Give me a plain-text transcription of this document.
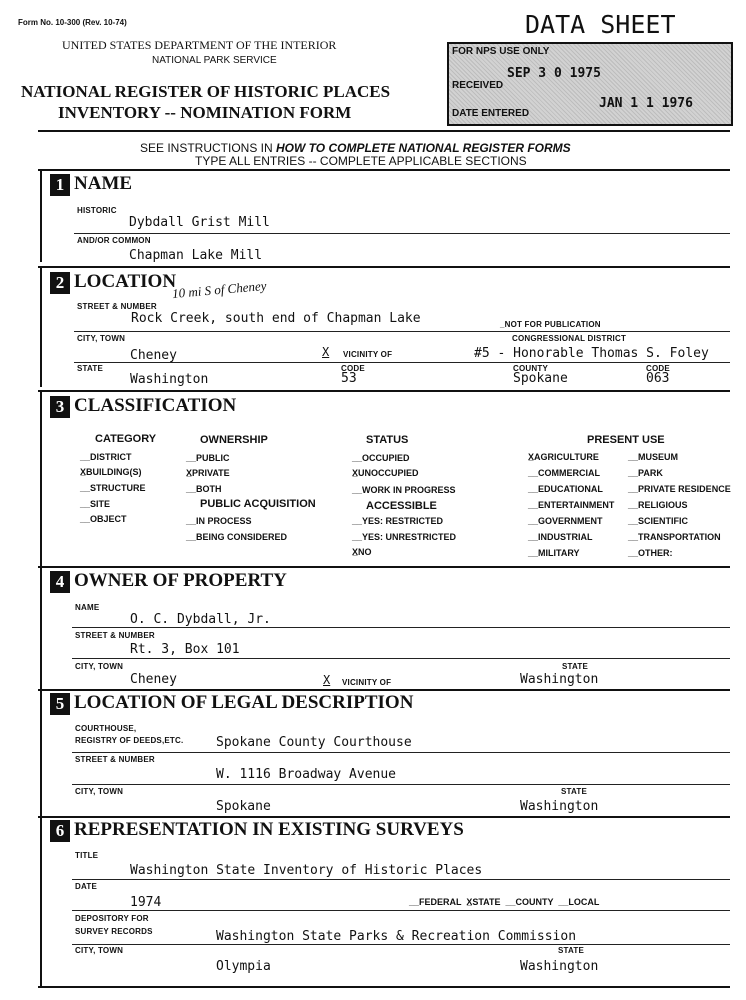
Form No. 10-300 (Rev. 10-74)
UNITED STATES DEPARTMENT OF THE INTERIOR
NATIONAL PARK SERVICE
NATIONAL REGISTER OF HISTORIC PLACES
INVENTORY -- NOMINATION FORM
DATA SHEET
FOR NPS USE ONLY
RECEIVED
SEP 3 0 1975
DATE ENTERED
JAN 1 1 1976
SEE INSTRUCTIONS IN HOW TO COMPLETE NATIONAL REGISTER FORMS
TYPE ALL ENTRIES -- COMPLETE APPLICABLE SECTIONS
1 NAME
HISTORIC
Dybdall Grist Mill
AND/OR COMMON
Chapman Lake Mill
2 LOCATION
10 mi S of Cheney
STREET & NUMBER
Rock Creek, south end of Chapman Lake	_NOT FOR PUBLICATION
CITY, TOWN	CONGRESSIONAL DISTRICT
Cheney	X VICINITY OF	#5 - Honorable Thomas S. Foley
STATE
Washington
CODE
53
COUNTY
Spokane
CODE
063
3 CLASSIFICATION
CATEGORY
__DISTRICT
X̲BUILDING(S)
__STRUCTURE
__SITE
__OBJECT
OWNERSHIP
__PUBLIC
X̲PRIVATE
__BOTH
PUBLIC ACQUISITION
__IN PROCESS
__BEING CONSIDERED
STATUS
__OCCUPIED
X̲UNOCCUPIED
__WORK IN PROGRESS
ACCESSIBLE
__YES: RESTRICTED
__YES: UNRESTRICTED
X̲NO
PRESENT USE
X̲AGRICULTURE
__COMMERCIAL
__EDUCATIONAL
__ENTERTAINMENT
__GOVERNMENT
__INDUSTRIAL
__MILITARY
__MUSEUM
__PARK
__PRIVATE RESIDENCE
__RELIGIOUS
__SCIENTIFIC
__TRANSPORTATION
__OTHER:
4 OWNER OF PROPERTY
NAME
O. C. Dybdall, Jr.
STREET & NUMBER
Rt. 3, Box 101
CITY, TOWN
Cheney	X VICINITY OF
STATE
Washington
5 LOCATION OF LEGAL DESCRIPTION
COURTHOUSE,
REGISTRY OF DEEDS,ETC.	Spokane County Courthouse
STREET & NUMBER
W. 1116 Broadway Avenue
CITY, TOWN	STATE
Spokane	Washington
6 REPRESENTATION IN EXISTING SURVEYS
TITLE
Washington State Inventory of Historic Places
DATE
1974	__FEDERAL  X̲STATE  __COUNTY  __LOCAL
DEPOSITORY FOR
SURVEY RECORDS	Washington State Parks & Recreation Commission
CITY, TOWN	STATE
Olympia	Washington
